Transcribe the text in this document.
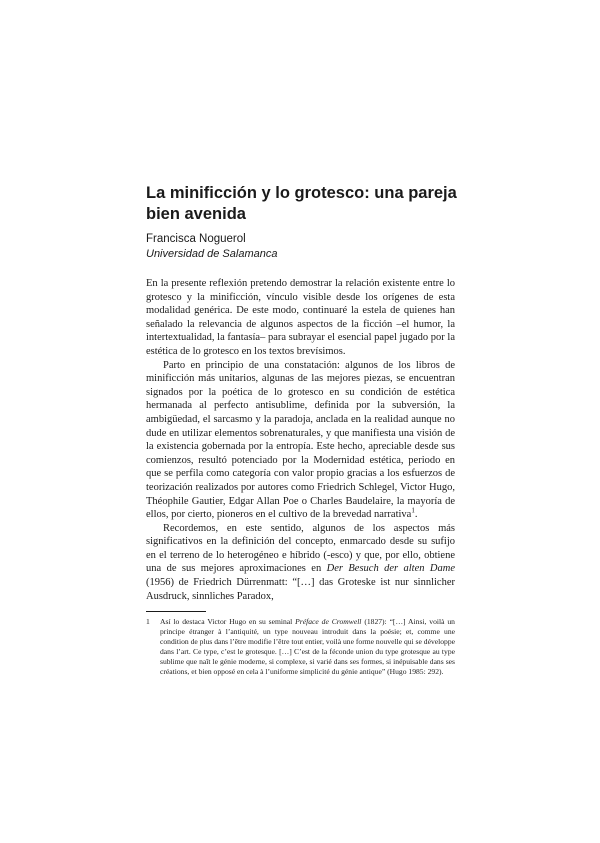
La minificción y lo grotesco: una pareja bien avenida
Francisca Noguerol
Universidad de Salamanca

En la presente reflexión pretendo demostrar la relación existente entre lo grotesco y la minificción, vínculo visible desde los orígenes de esta modalidad genérica. De este modo, continuaré la estela de quienes han señalado la relevancia de algunos aspectos de la ficción –el humor, la intertextualidad, la fantasía– para subrayar el esencial papel jugado por la estética de lo grotesco en los textos brevísimos.

Parto en principio de una constatación: algunos de los libros de minificción más unitarios, algunas de las mejores piezas, se encuentran signados por la poética de lo grotesco en su condición de estética hermanada al perfecto antisublime, definida por la subversión, la ambigüedad, el sarcasmo y la paradoja, anclada en la realidad aunque no dude en utilizar elementos sobrenaturales, y que manifiesta una visión de la existencia gobernada por la entropía. Este hecho, apreciable desde sus comienzos, resultó potenciado por la Modernidad estética, periodo en que se perfila como categoría con valor propio gracias a los esfuerzos de teorización realizados por autores como Friedrich Schlegel, Victor Hugo, Théophile Gautier, Edgar Allan Poe o Charles Baudelaire, la mayoría de ellos, por cierto, pioneros en el cultivo de la brevedad narrativa$^1$.

Recordemos, en este sentido, algunos de los aspectos más significativos en la definición del concepto, enmarcado desde su sufijo en el terreno de lo heterogéneo e híbrido (-esco) y que, por ello, obtiene una de sus mejores aproximaciones en Der Besuch der alten Dame (1956) de Friedrich Dürrenmatt: “[…] das Groteske ist nur sinnlicher Ausdruck, sinnliches Paradox,

1	Así lo destaca Victor Hugo en su seminal Préface de Cromwell (1827): “[…] Ainsi, voilà un principe étranger à l’antiquité, un type nouveau introduit dans la poésie; et, comme une condition de plus dans l’être modifie l’être tout entier, voilà une forme nouvelle qui se développe dans l’art. Ce type, c’est le grotesque. […] C’est de la féconde union du type grotesque au type sublime que naît le génie moderne, si complexe, si varié dans ses formes, si inépuisable dans ses créations, et bien opposé en cela à l’uniforme simplicité du génie antique” (Hugo 1985: 292).
